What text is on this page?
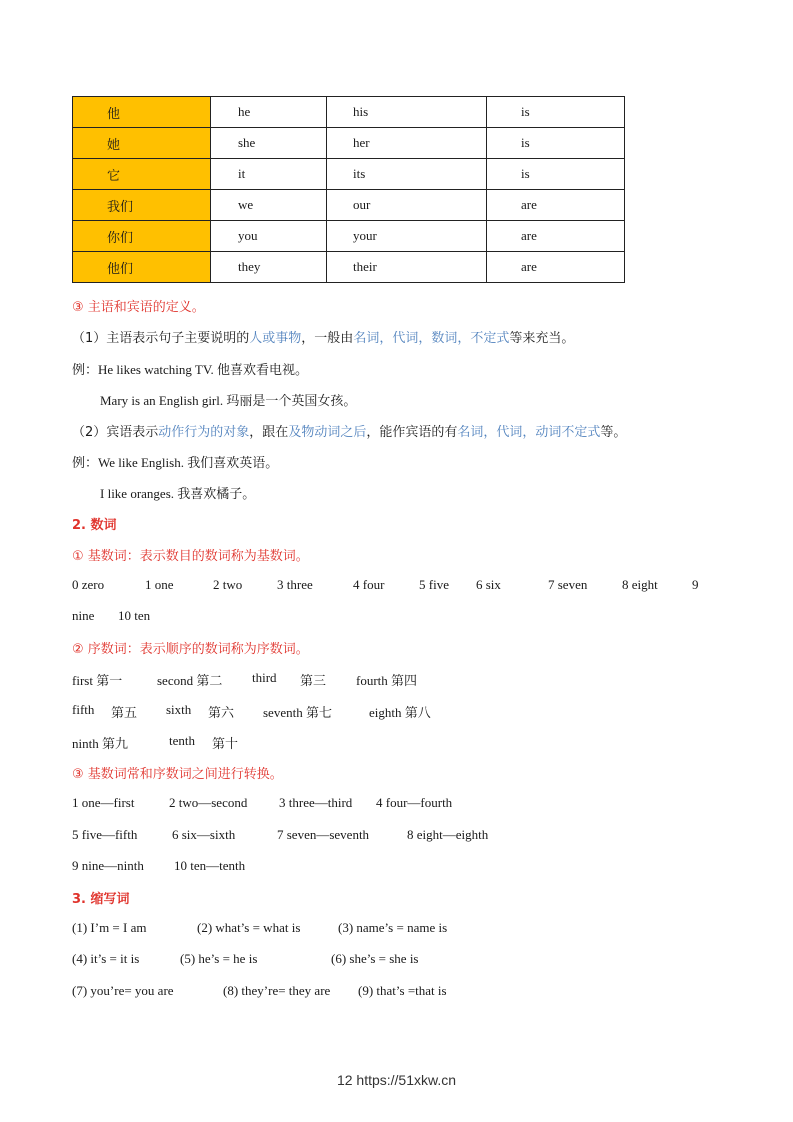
他	he	his	is
她	she	her	is
它	it	its	is
我们	we	our	are
你们	you	your	are
他们	they	their	are
③ 主语和宾语的定义。
（1）主语表示句子主要说明的人或事物，一般由名词，代词，数词，不定式等来充当。
例：He likes watching TV. 他喜欢看电视。
Mary is an English girl. 玛丽是一个英国女孩。
（2）宾语表示动作行为的对象，跟在及物动词之后，能作宾语的有名词，代词，动词不定式等。
例：We like English. 我们喜欢英语。
I like oranges. 我喜欢橘子。
2. 数词
① 基数词：表示数目的数词称为基数词。
0 zero	1 one	2 two	3 three	4 four	5 five 6 six	7 seven	8 eight	9
nine 10 ten
② 序数词：表示顺序的数词称为序数词。
first 第一	second 第二 third 第三 fourth 第四
fifth 第五 sixth 第六 seventh 第七	eighth 第八
ninth 第九	tenth 第十
③ 基数词常和序数词之间进行转换。
1 one—first	2 two—second 3 three—third 4 four—fourth
5 five—fifth	6 six—sixth	7 seven—seventh	8 eight—eighth
9 nine—ninth 10 ten—tenth
3. 缩写词
(1) I’m = I am	(2) what’s = what is	(3) name’s = name is
(4) it’s = it is	(5) he’s = he is	(6) she’s = she is
(7) you’re= you are	(8) they’re= they are (9) that’s =that is
12 https://51xkw.cn
